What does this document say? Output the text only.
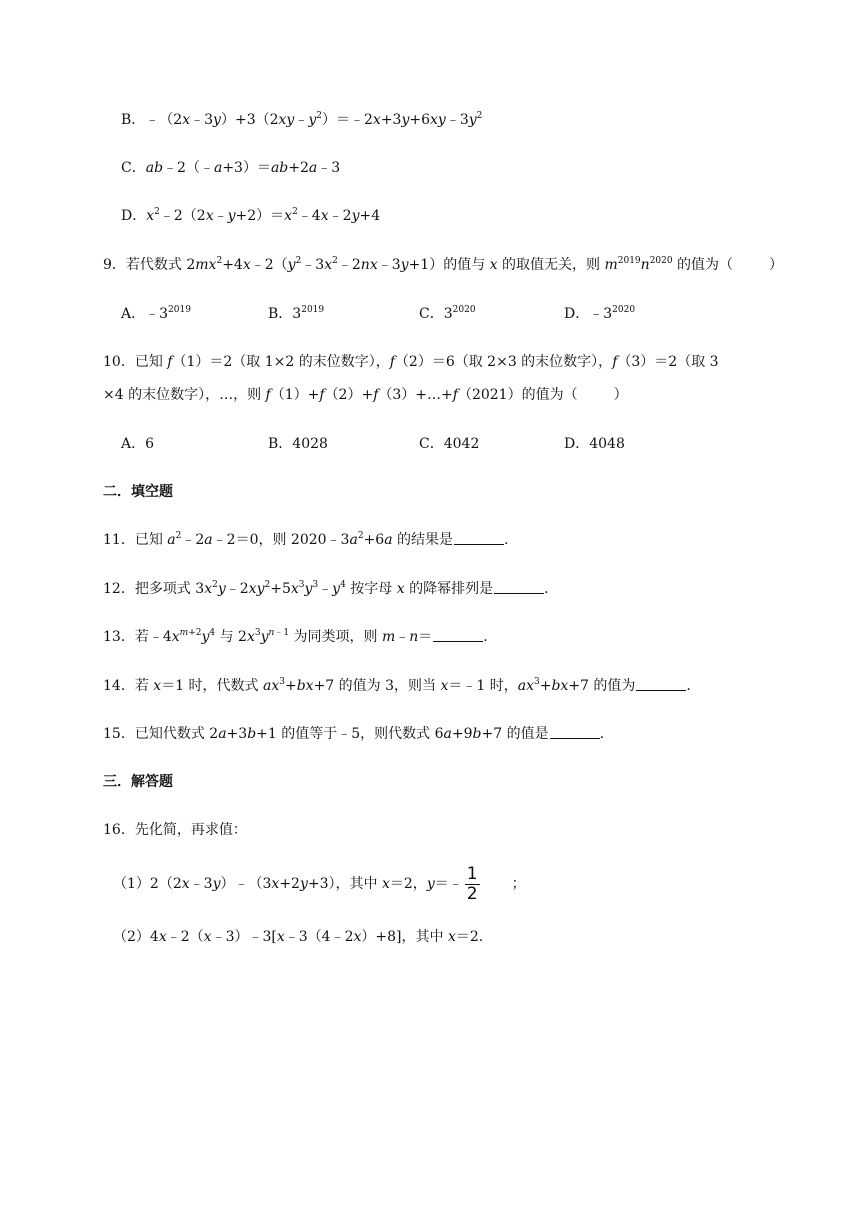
B．$﹣(2x﹣3y)+3(2xy﹣y^2)=﹣2x+3y+6xy﹣3y^2$
C．ab﹣2（﹣a+3）＝ab+2a﹣3
D．$x^2﹣2(2x﹣y+2)=x^2﹣4x﹣2y+4$
9．若代数式 $2mx^2+4x﹣2(y^2﹣3x^2﹣2nx﹣3y+1)$的值与 x 的取值无关，则 $m^{2019}n^{2020}$ 的值为（	）
A．$﹣3^{2019}$	B．$3^{2019}$	C．$3^{2020}$	D．$﹣3^{2020}$
10．已知 f（1）＝2（取 1×2 的末位数字），f（2）＝6（取 2×3 的末位数字），f（3）＝2（取 3
×4 的末位数字），…，则 f（1）+f（2）+f（3）+…+f（2021）的值为（	）
A．6	B．4028	C．4042	D．4048
二．填空题
11．已知 $a^2﹣2a﹣2=0$，则 $2020﹣3a^2+6a$ 的结果是	.
12．把多项式 $3x^2y﹣2xy^2+5x^3y^3﹣y^4$ 按字母 x 的降幂排列是	.
13．若$﹣4x^{m+2}y^4$ 与 $2x^3y^{n﹣1}$ 为同类项，则 m﹣n＝	.
14．若 x＝1 时，代数式 $ax^3+bx+7$ 的值为 3，则当 x＝﹣1 时，$ax^3+bx+7$ 的值为	.
15．已知代数式 2a+3b+1 的值等于﹣5，则代数式 6a+9b+7 的值是	.
三．解答题
16．先化简，再求值：
（1）2（2x﹣3y）﹣（3x+2y+3），其中 x＝2，y＝﹣ $\frac{1}{2}$ ；
（2）4x﹣2（x﹣3）﹣3[x﹣3（4﹣2x）+8]，其中 x＝2.
